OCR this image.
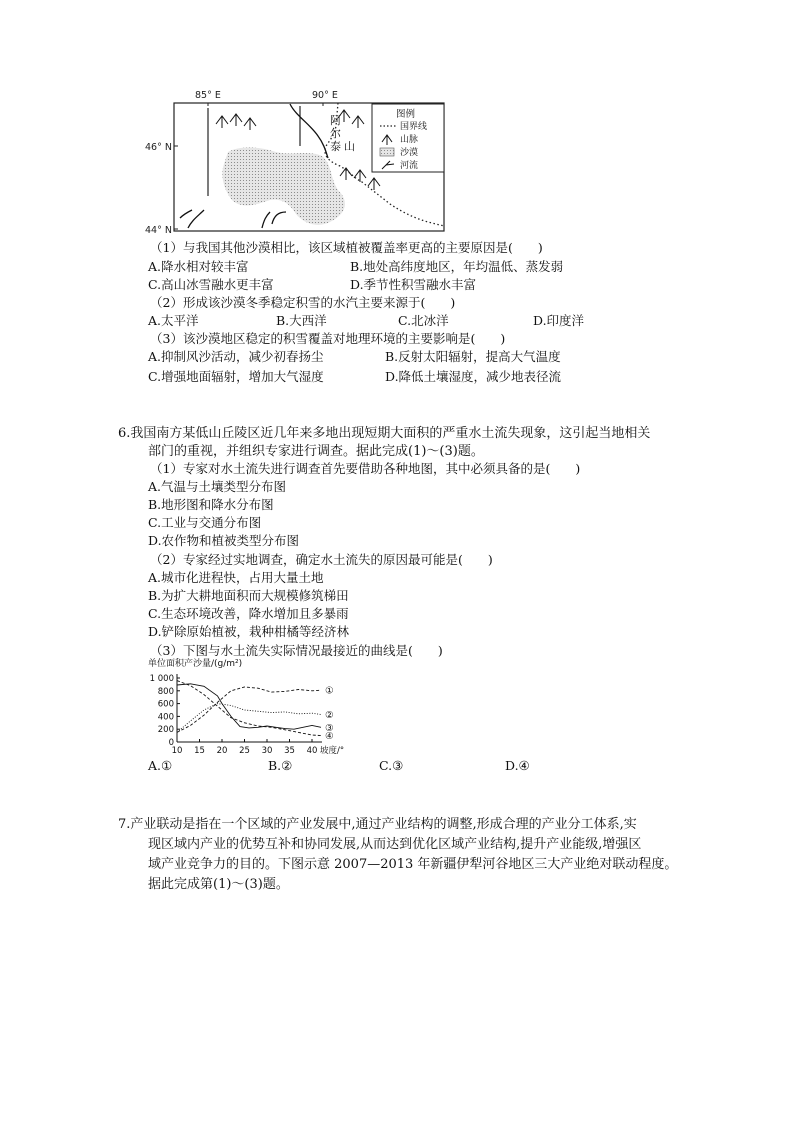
85° E	90° E
46° N
44° N
阿
尔
泰 山
图例
国界线
山脉
沙漠
河流
（1）与我国其他沙漠相比，该区域植被覆盖率更高的主要原因是(　　)
A.降水相对较丰富	B.地处高纬度地区，年均温低、蒸发弱
C.高山冰雪融水更丰富	D.季节性积雪融水丰富
（2）形成该沙漠冬季稳定积雪的水汽主要来源于(　　)
A.太平洋	B.大西洋	C.北冰洋	D.印度洋
（3）该沙漠地区稳定的积雪覆盖对地理环境的主要影响是(　　)
A.抑制风沙活动，减少初春扬尘	B.反射太阳辐射，提高大气温度
C.增强地面辐射，增加大气湿度	D.降低土壤湿度，减少地表径流
6.我国南方某低山丘陵区近几年来多地出现短期大面积的严重水土流失现象，这引起当地相关
部门的重视，并组织专家进行调查。据此完成(1)～(3)题。
（1）专家对水土流失进行调查首先要借助各种地图，其中必须具备的是(　　)
A.气温与土壤类型分布图
B.地形图和降水分布图
C.工业与交通分布图
D.农作物和植被类型分布图
（2）专家经过实地调查，确定水土流失的原因最可能是(　　)
A.城市化进程快，占用大量土地
B.为扩大耕地面积而大规模修筑梯田
C.生态环境改善，降水增加且多暴雨
D.铲除原始植被，栽种柑橘等经济林
（3）下图与水土流失实际情况最接近的曲线是(　　)
单位面积产沙量/(g/m²)
①
②
③
④
0
200
400
600
800
1 000
10 15 20 25 30 35 40 坡度/°
A.①	B.②	C.③	D.④
7.产业联动是指在一个区域的产业发展中,通过产业结构的调整,形成合理的产业分工体系,实
现区域内产业的优势互补和协同发展,从而达到优化区域产业结构,提升产业能级,增强区
域产业竞争力的目的。下图示意 2007—2013 年新疆伊犁河谷地区三大产业绝对联动程度。
据此完成第(1)～(3)题。
